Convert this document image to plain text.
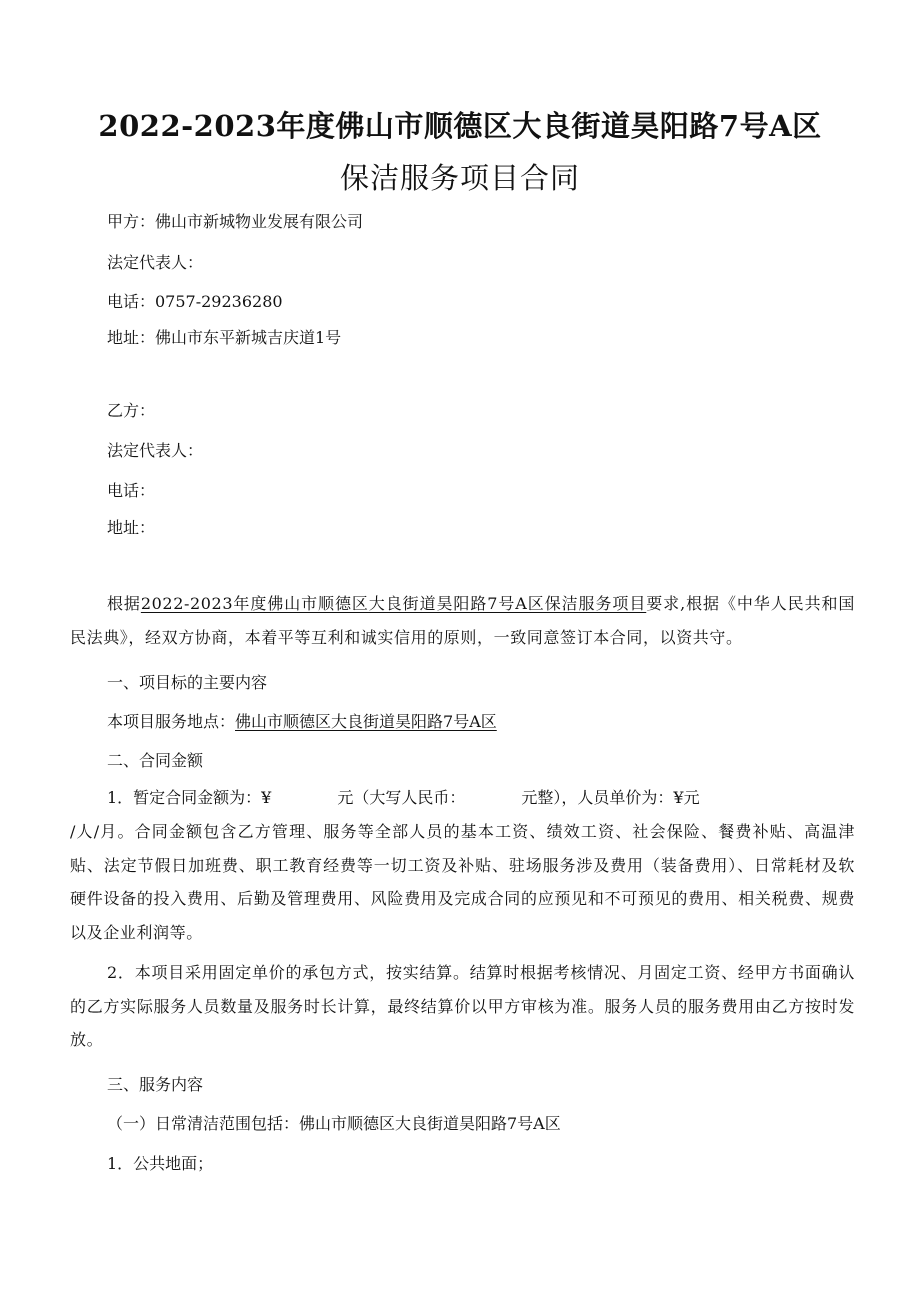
2022-2023年度佛山市顺德区大良街道昊阳路7号A区
保洁服务项目合同
甲方：佛山市新城物业发展有限公司
法定代表人：
电话：0757-29236280
地址：佛山市东平新城吉庆道1号
乙方：
法定代表人：
电话：
地址：

根据2022-2023年度佛山市顺德区大良街道昊阳路7号A区保洁服务项目要求,根据《中华人民共和国民法典》，经双方协商，本着平等互利和诚实信用的原则，一致同意签订本合同，以资共守。

一、项目标的主要内容
本项目服务地点：佛山市顺德区大良街道昊阳路7号A区
二、合同金额
1．暂定合同金额为：¥	元（大写人民币：	元整），人员单价为：¥元

/人/月。合同金额包含乙方管理、服务等全部人员的基本工资、绩效工资、社会保险、餐费补贴、高温津贴、法定节假日加班费、职工教育经费等一切工资及补贴、驻场服务涉及费用（装备费用）、日常耗材及软硬件设备的投入费用、后勤及管理费用、风险费用及完成合同的应预见和不可预见的费用、相关税费、规费以及企业利润等。

2．本项目采用固定单价的承包方式，按实结算。结算时根据考核情况、月固定工资、经甲方书面确认的乙方实际服务人员数量及服务时长计算，最终结算价以甲方审核为准。服务人员的服务费用由乙方按时发放。

三、服务内容
（一）日常清洁范围包括：佛山市顺德区大良街道昊阳路7号A区
1．公共地面；
